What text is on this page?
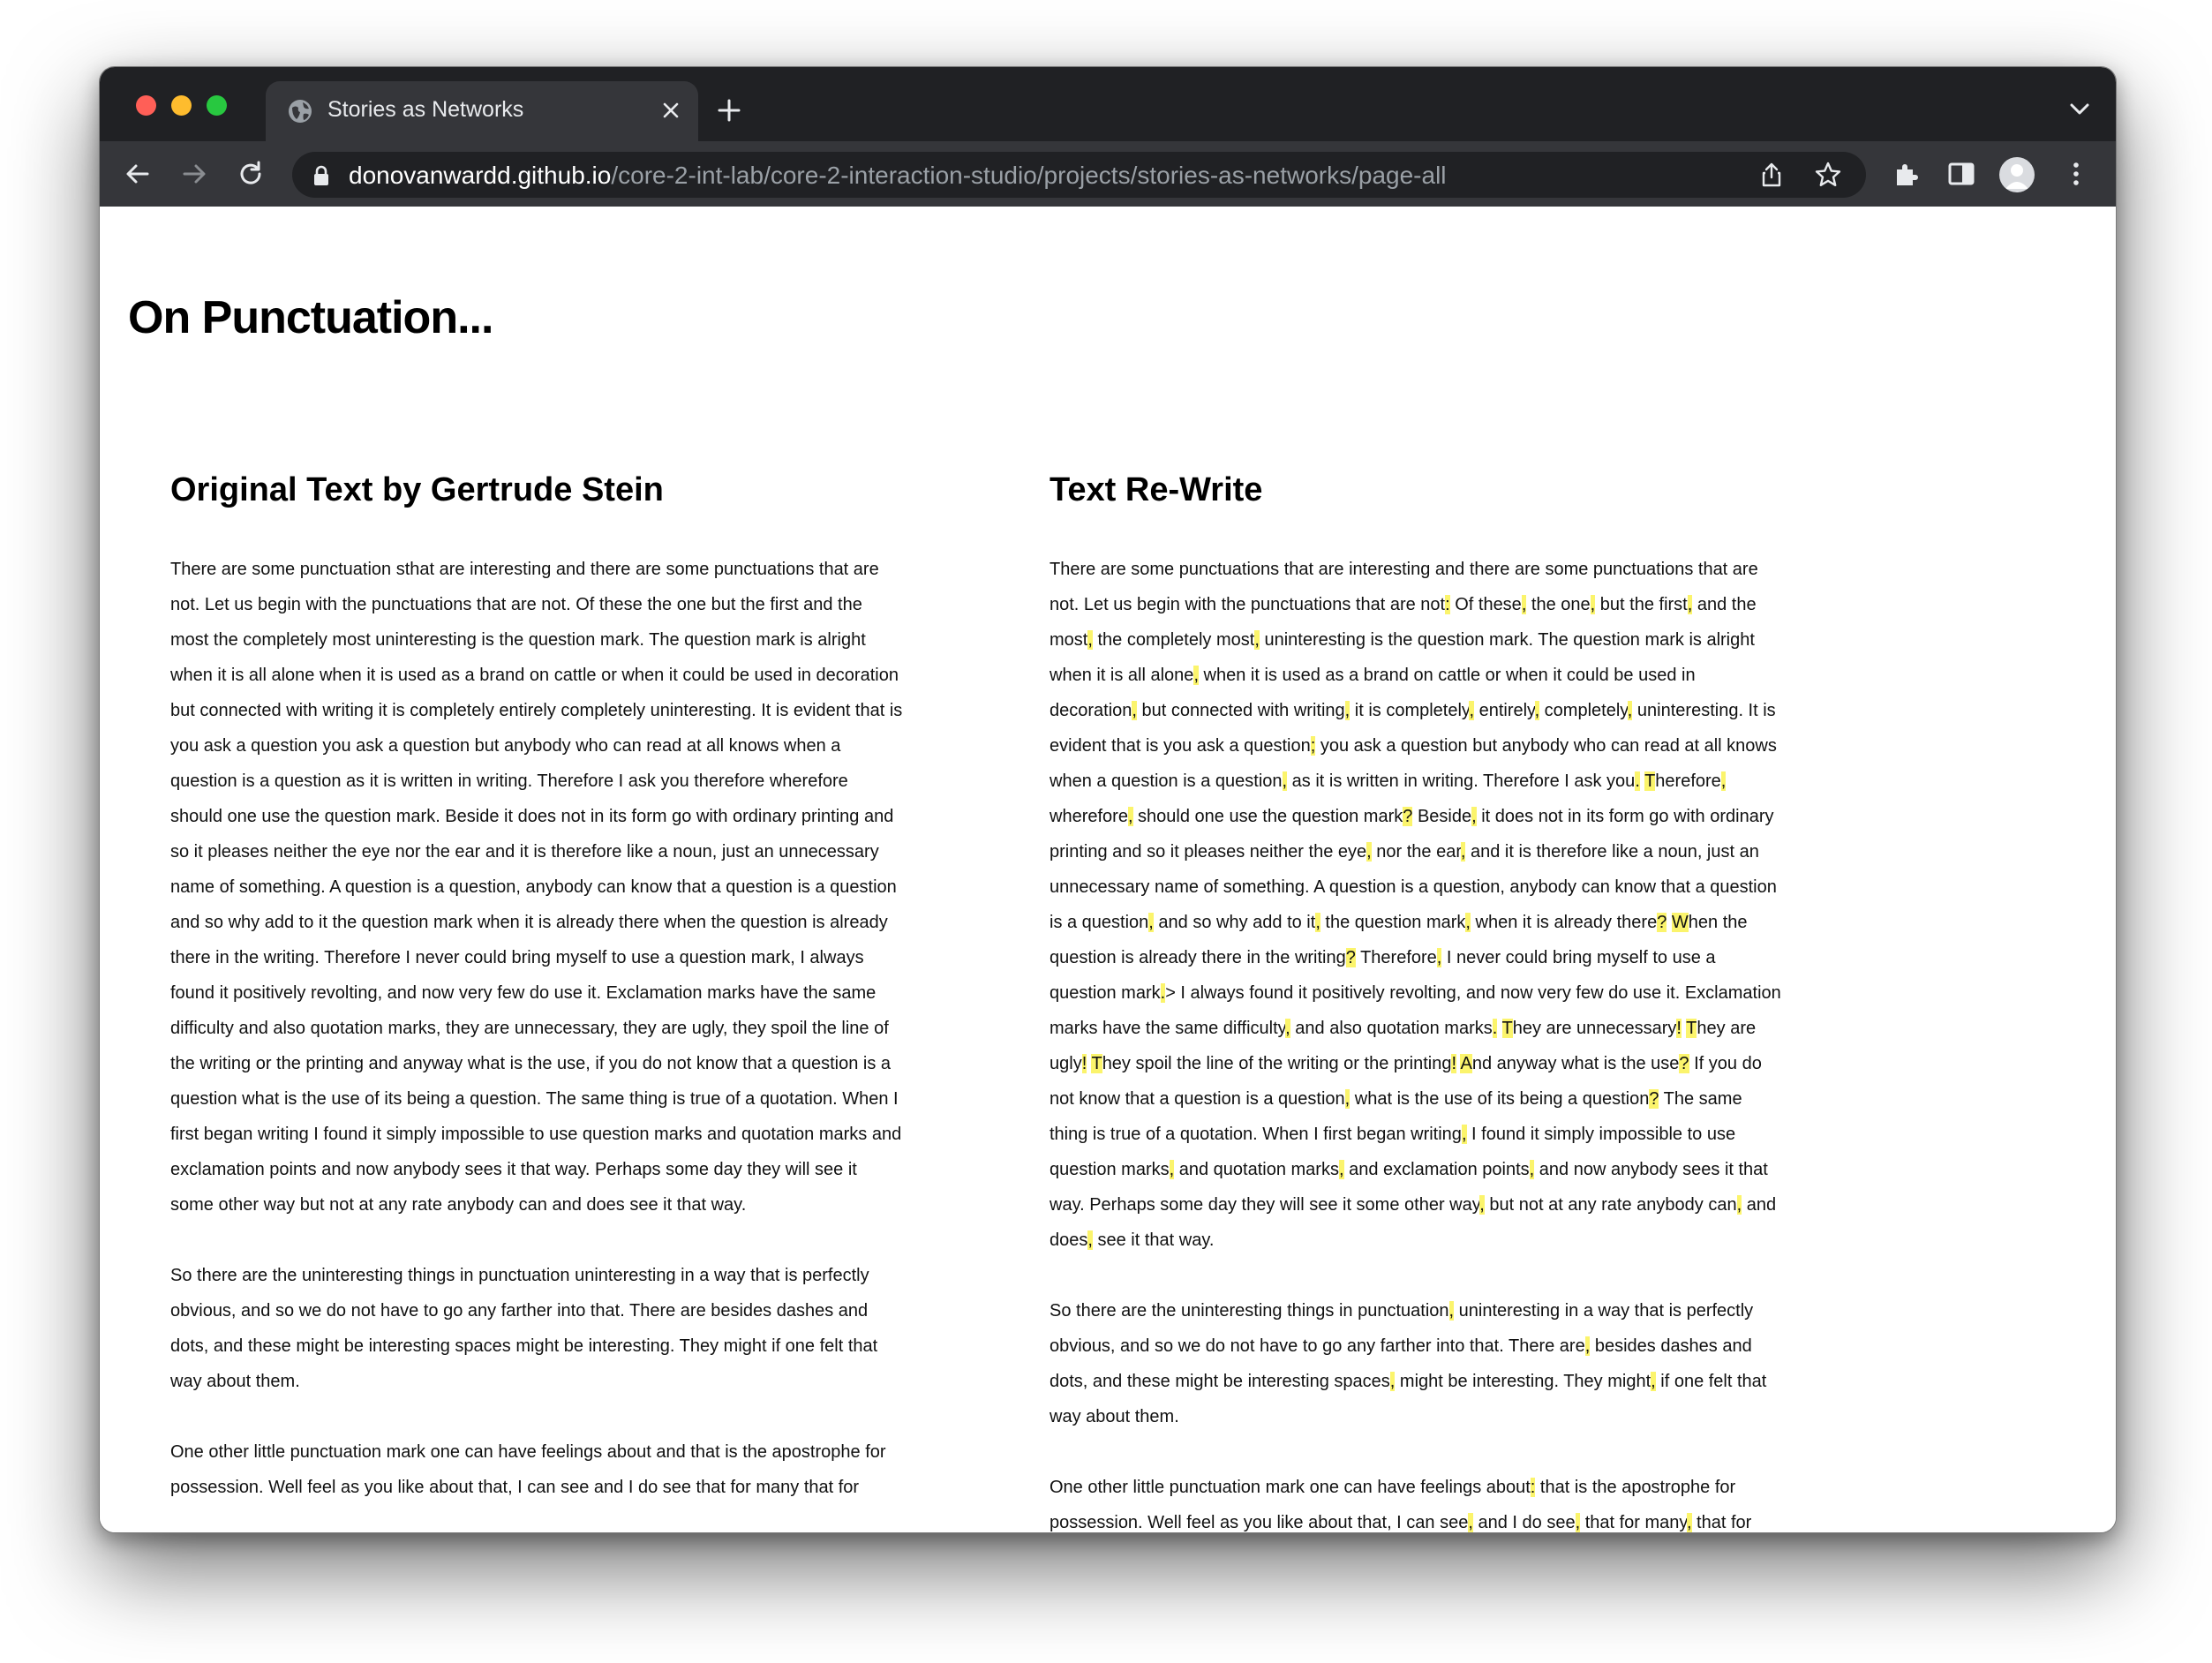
Stories as Networks
donovanwardd.github.io/core-2-int-lab/core-2-interaction-studio/projects/stories-as-networks/page-all
On Punctuation...
Original Text by Gertrude Stein

There are some punctuation sthat are interesting and there are some punctuations that are not. Let us begin with the punctuations that are not. Of these the one but the first and the most the completely most uninteresting is the question mark. The question mark is alright when it is all alone when it is used as a brand on cattle or when it could be used in decoration but connected with writing it is completely entirely completely uninteresting. It is evident that is you ask a question you ask a question but anybody who can read at all knows when a question is a question as it is written in writing. Therefore I ask you therefore wherefore should one use the question mark. Beside it does not in its form go with ordinary printing and so it pleases neither the eye nor the ear and it is therefore like a noun, just an unnecessary name of something. A question is a question, anybody can know that a question is a question and so why add to it the question mark when it is already there when the question is already there in the writing. Therefore I never could bring myself to use a question mark, I always found it positively revolting, and now very few do use it. Exclamation marks have the same difficulty and also quotation marks, they are unnecessary, they are ugly, they spoil the line of the writing or the printing and anyway what is the use, if you do not know that a question is a question what is the use of its being a question. The same thing is true of a quotation. When I first began writing I found it simply impossible to use question marks and quotation marks and exclamation points and now anybody sees it that way. Perhaps some day they will see it some other way but not at any rate anybody can and does see it that way.

So there are the uninteresting things in punctuation uninteresting in a way that is perfectly obvious, and so we do not have to go any farther into that. There are besides dashes and dots, and these might be interesting spaces might be interesting. They might if one felt that way about them.

One other little punctuation mark one can have feelings about and that is the apostrophe for possession. Well feel as you like about that, I can see and I do see that for many that for

Text Re-Write

There are some punctuations that are interesting and there are some punctuations that are not. Let us begin with the punctuations that are not: Of these, the one, but the first, and the most, the completely most, uninteresting is the question mark. The question mark is alright when it is all alone, when it is used as a brand on cattle or when it could be used in decoration, but connected with writing, it is completely, entirely, completely, uninteresting. It is evident that is you ask a question; you ask a question but anybody who can read at all knows when a question is a question, as it is written in writing. Therefore I ask you. Therefore, wherefore, should one use the question mark? Beside, it does not in its form go with ordinary printing and so it pleases neither the eye, nor the ear, and it is therefore like a noun, just an unnecessary name of something. A question is a question, anybody can know that a question is a question, and so why add to it, the question mark, when it is already there? When the question is already there in the writing? Therefore, I never could bring myself to use a question mark.> I always found it positively revolting, and now very few do use it. Exclamation marks have the same difficulty, and also quotation marks. They are unnecessary! They are ugly! They spoil the line of the writing or the printing! And anyway what is the use? If you do not know that a question is a question, what is the use of its being a question? The same thing is true of a quotation. When I first began writing, I found it simply impossible to use question marks, and quotation marks, and exclamation points, and now anybody sees it that way. Perhaps some day they will see it some other way, but not at any rate anybody can, and does, see it that way.

So there are the uninteresting things in punctuation, uninteresting in a way that is perfectly obvious, and so we do not have to go any farther into that. There are, besides dashes and dots, and these might be interesting spaces, might be interesting. They might, if one felt that way about them.

One other little punctuation mark one can have feelings about: that is the apostrophe for possession. Well feel as you like about that, I can see, and I do see, that for many, that for
